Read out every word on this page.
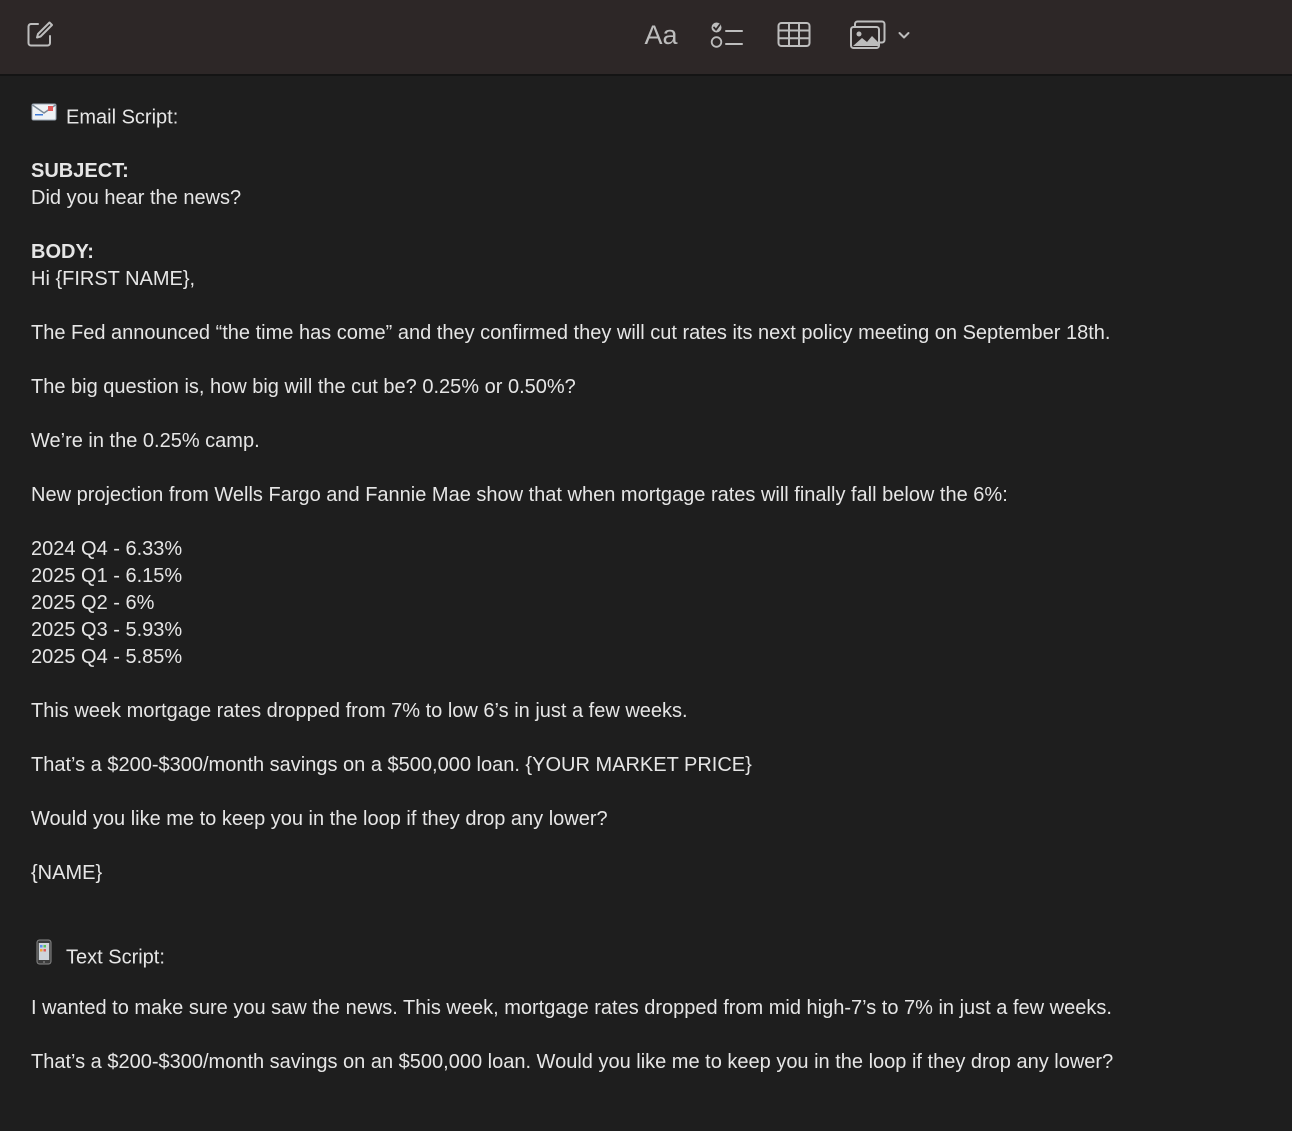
Aa
Email Script:
SUBJECT:
Did you hear the news?
BODY:
Hi {FIRST NAME},
The Fed announced “the time has come” and they confirmed they will cut rates its next policy meeting on September 18th.
The big question is, how big will the cut be? 0.25% or 0.50%?
We’re in the 0.25% camp.
New projection from Wells Fargo and Fannie Mae show that when mortgage rates will finally fall below the 6%:
2024 Q4 - 6.33%
2025 Q1 - 6.15%
2025 Q2 - 6%
2025 Q3 - 5.93%
2025 Q4 - 5.85%
This week mortgage rates dropped from 7% to low 6’s in just a few weeks.
That’s a $200-$300/month savings on a $500,000 loan. {YOUR MARKET PRICE}
Would you like me to keep you in the loop if they drop any lower?
{NAME}
Text Script:
I wanted to make sure you saw the news. This week, mortgage rates dropped from mid high-7’s to 7% in just a few weeks.
That’s a $200-$300/month savings on an $500,000 loan. Would you like me to keep you in the loop if they drop any lower?
